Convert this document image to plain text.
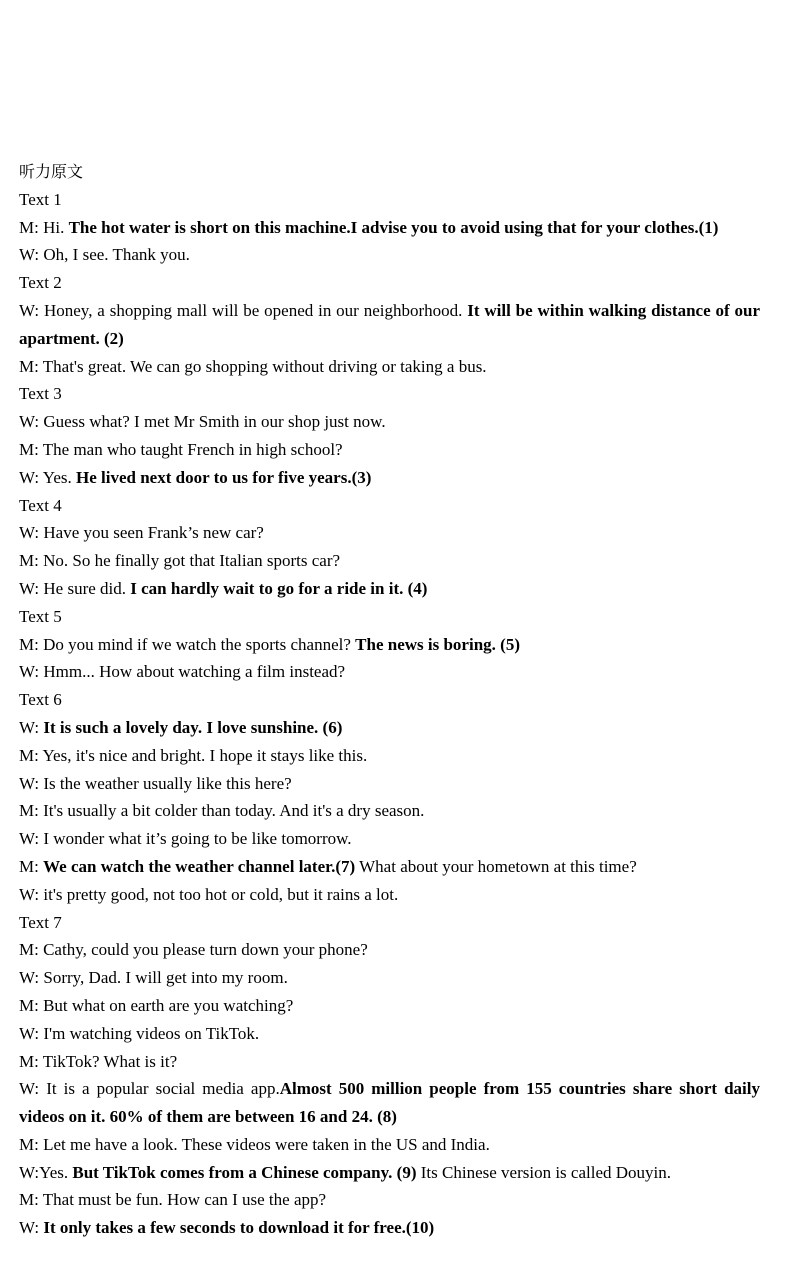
听力原文
Text 1
M: Hi. The hot water is short on this machine.I advise you to avoid using that for your clothes.(1)
W: Oh, I see. Thank you.
Text 2
W: Honey, a shopping mall will be opened in our neighborhood. It will be within walking distance of our apartment. (2)
M: That's great. We can go shopping without driving or taking a bus.
Text 3
W: Guess what? I met Mr Smith in our shop just now.
M: The man who taught French in high school?
W: Yes. He lived next door to us for five years.(3)
Text 4
W: Have you seen Frank’s new car?
M: No. So he finally got that Italian sports car?
W: He sure did. I can hardly wait to go for a ride in it. (4)
Text 5
M: Do you mind if we watch the sports channel? The news is boring. (5)
W: Hmm... How about watching a film instead?
Text 6
W: It is such a lovely day. I love sunshine. (6)
M: Yes, it's nice and bright. I hope it stays like this.
W: Is the weather usually like this here?
M: It's usually a bit colder than today. And it's a dry season.
W: I wonder what it’s going to be like tomorrow.
M: We can watch the weather channel later.(7) What about your hometown at this time?
W: it's pretty good, not too hot or cold, but it rains a lot.
Text 7
M: Cathy, could you please turn down your phone?
W: Sorry, Dad. I will get into my room.
M: But what on earth are you watching?
W: I'm watching videos on TikTok.
M: TikTok? What is it?
W: It is a popular social media app.Almost 500 million people from 155 countries share short daily videos on it. 60% of them are between 16 and 24. (8)
M: Let me have a look. These videos were taken in the US and India.
W:Yes. But TikTok comes from a Chinese company. (9) Its Chinese version is called Douyin.
M: That must be fun. How can I use the app?
W: It only takes a few seconds to download it for free.(10)
